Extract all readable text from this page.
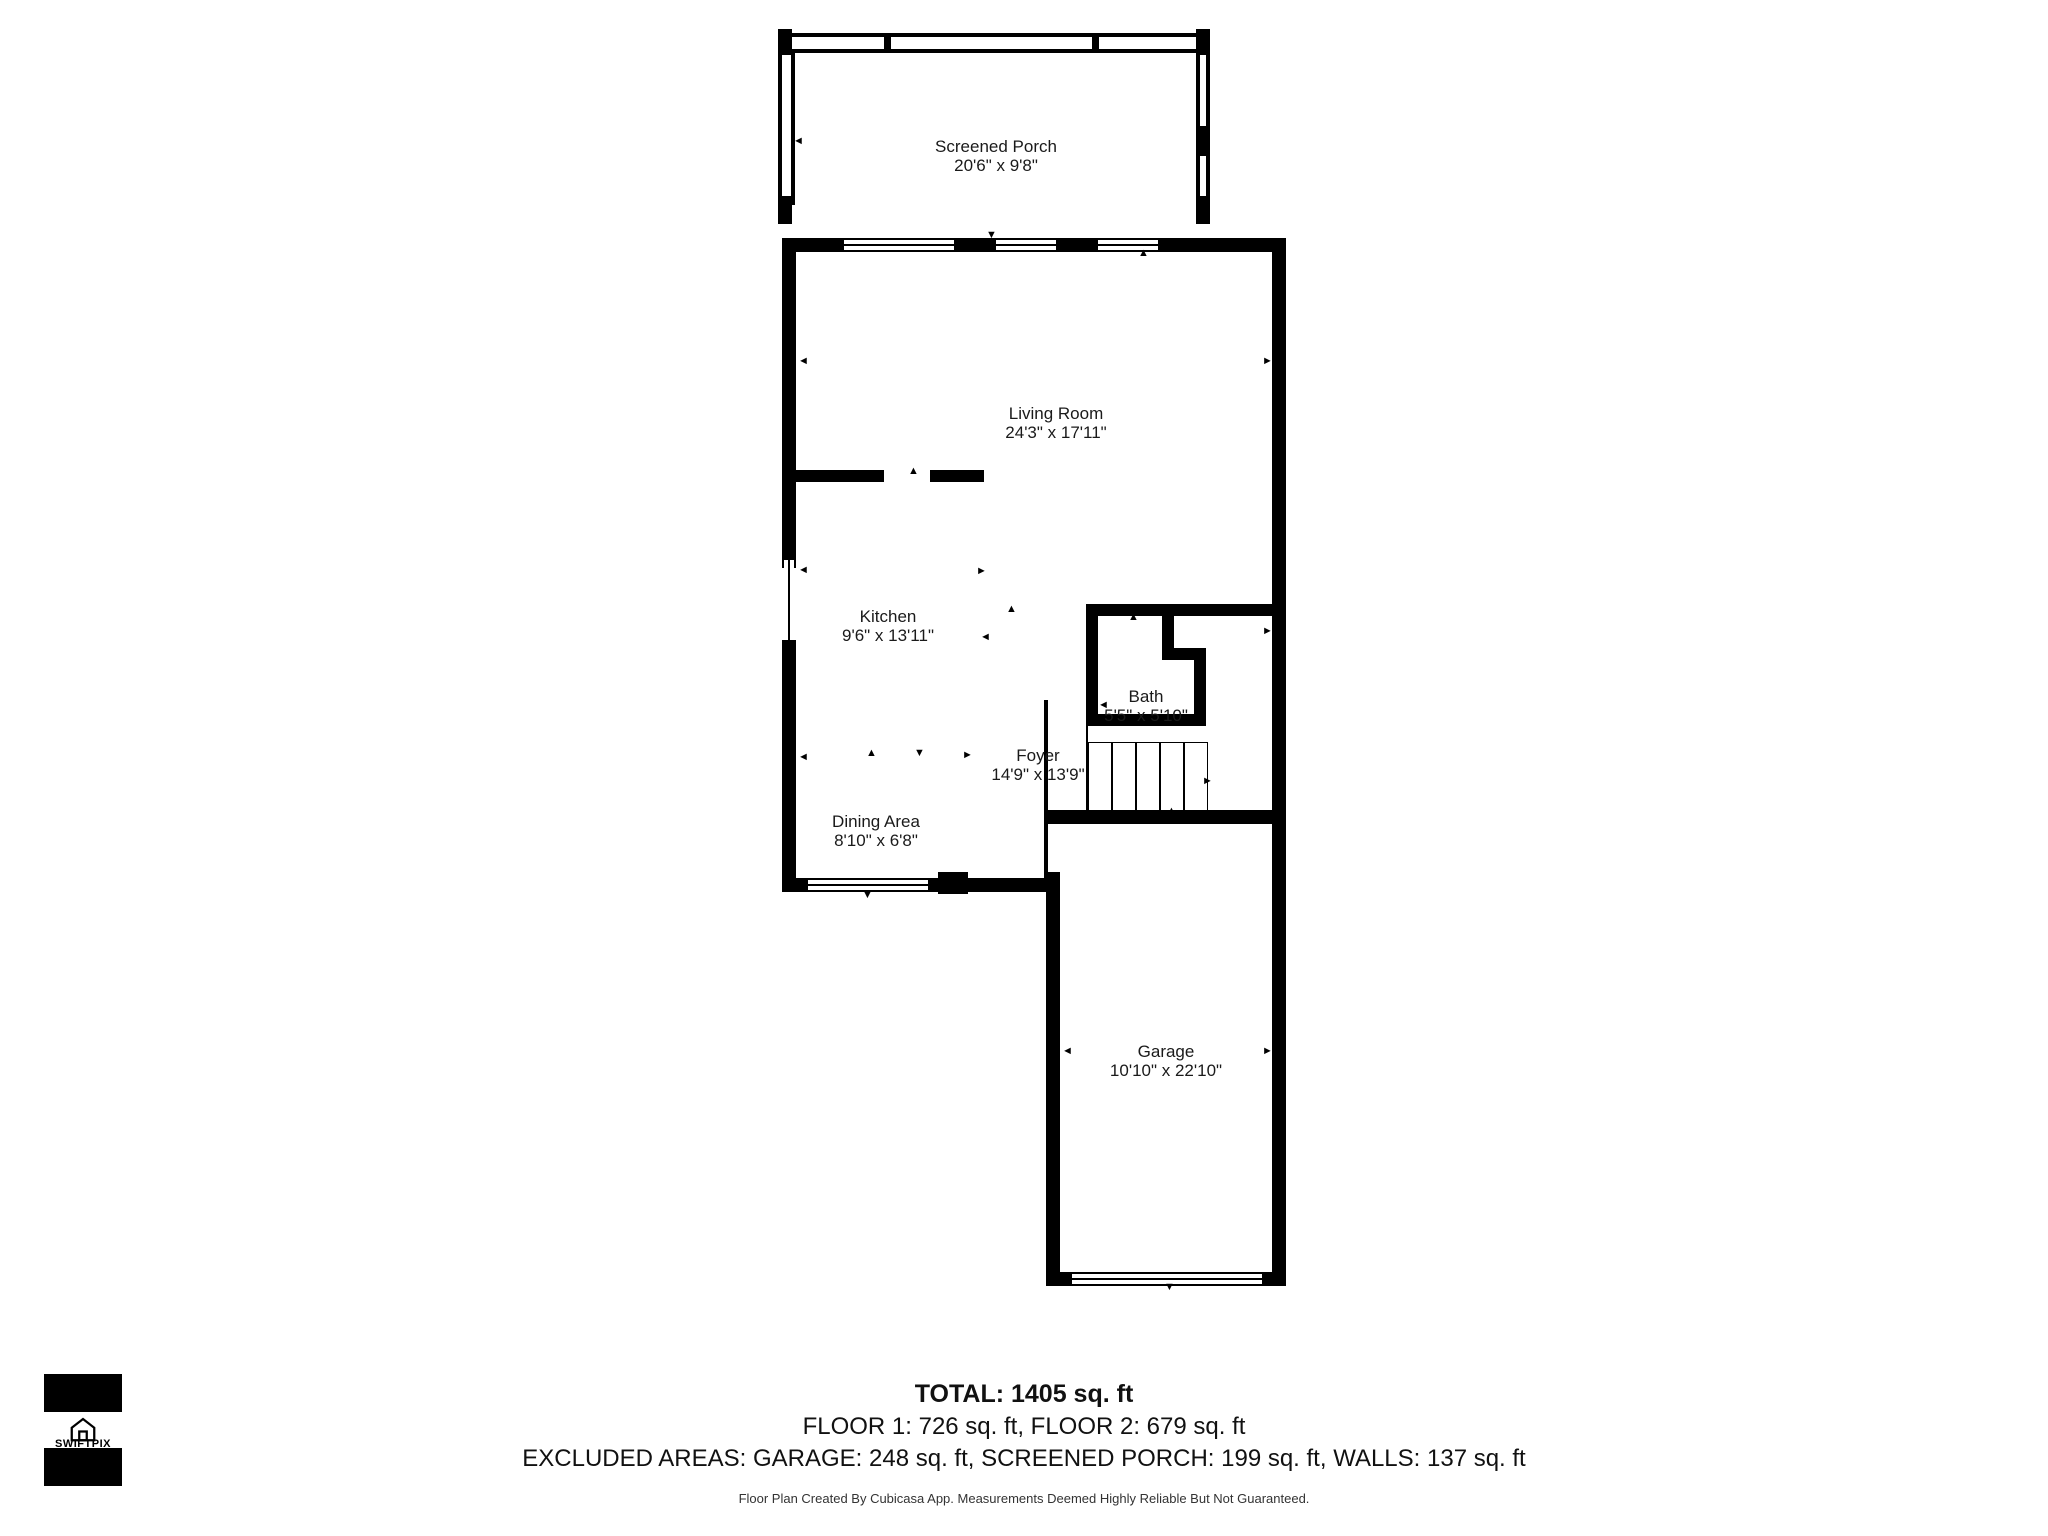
◄	Screened Porch
20'6" x 9'8"
▲
▼
◄
◄
◄
►
►
▼
▲
◄	►
▲
Bath
5'5" x 5'10"
►
▲
▼
◄	►
Garage
10'10" x 22'10"
Living Room
24'3" x 17'11"
Kitchen
9'6" x 13'11"
Foyer
14'9" x 13'9"
Dining Area
8'10" x 6'8"
►
▲
◄
▲	▼	►

TOTAL: 1405 sq. ft

FLOOR 1: 726 sq. ft, FLOOR 2: 679 sq. ft

EXCLUDED AREAS: GARAGE: 248 sq. ft, SCREENED PORCH: 199 sq. ft, WALLS: 137 sq. ft

Floor Plan Created By Cubicasa App. Measurements Deemed Highly Reliable But Not Guaranteed.

SWIFTPIX
